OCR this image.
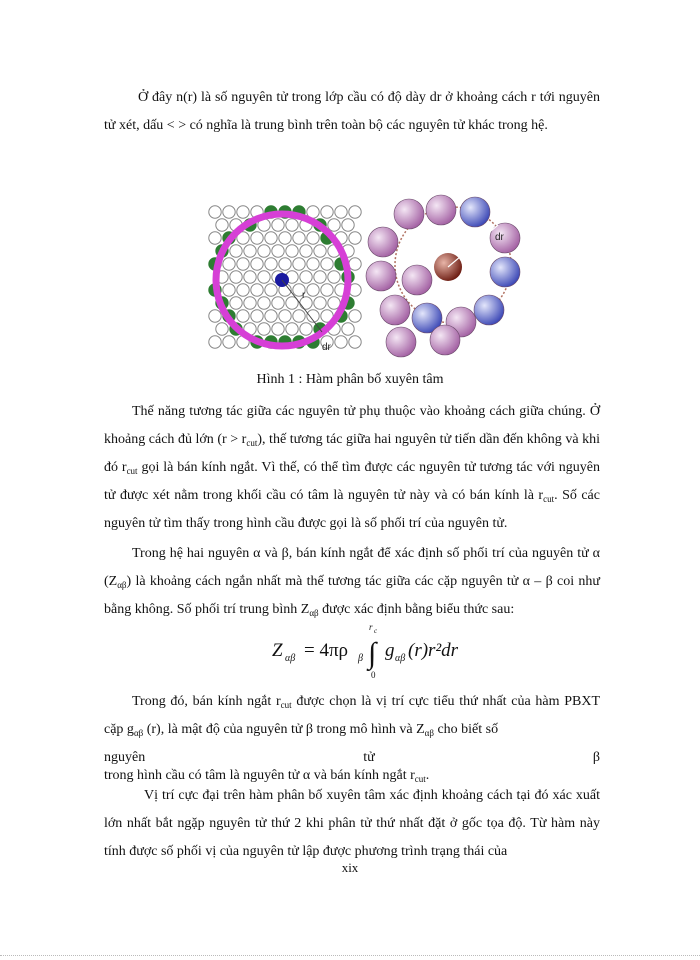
Ở đây n(r) là số nguyên tử trong lớp cầu có độ dày dr ở khoảng cách r tới nguyên tử xét, dấu < > có nghĩa là trung bình trên toàn bộ các nguyên tử khác trong hệ.

r
dr
r
dr
Hình 1 : Hàm phân bố xuyên tâm

Thế năng tương tác giữa các nguyên tử phụ thuộc vào khoảng cách giữa chúng. Ở khoảng cách đủ lớn $(r > r_{cut})$, thế tương tác giữa hai nguyên tử tiến dần đến không và khi đó $r_{cut}$ gọi là bán kính ngắt. Vì thế, có thể tìm được các nguyên tử tương tác với nguyên tử được xét nằm trong khối cầu có tâm là nguyên tử này và có bán kính là $r_{cut}$. Số các nguyên tử tìm thấy trong hình cầu được gọi là số phối trí của nguyên tử.

Trong hệ hai nguyên α và β, bán kính ngắt để xác định số phối trí của nguyên tử α $(Z_{\alpha\beta})$ là khoảng cách ngắn nhất mà thế tương tác giữa các cặp nguyên tử α – β coi như bằng không. Số phối trí trung bình $Z_{\alpha\beta}$ được xác định bằng biểu thức sau:

Z αβ = 4πρ β ∫
r c
0
g αβ (r)r²dr

Trong đó, bán kính ngắt $r_{cut}$ được chọn là vị trí cực tiểu thứ nhất của hàm PBXT cặp $g_{\alpha\beta}$ (r), là mật độ của nguyên tử β trong mô hình và $Z_{\alpha\beta}$ cho biết số

nguyên	tử	β

trong hình cầu có tâm là nguyên tử α và bán kính ngắt $r_{cut}$.

Vị trí cực đại trên hàm phân bố xuyên tâm xác định khoảng cách tại đó xác xuất lớn nhất bắt ngặp nguyên tử thứ 2 khi phân tử thứ nhất đặt ở gốc tọa độ. Từ hàm này tính được số phối vị của nguyên tử lập được phương trình trạng thái của

xix
